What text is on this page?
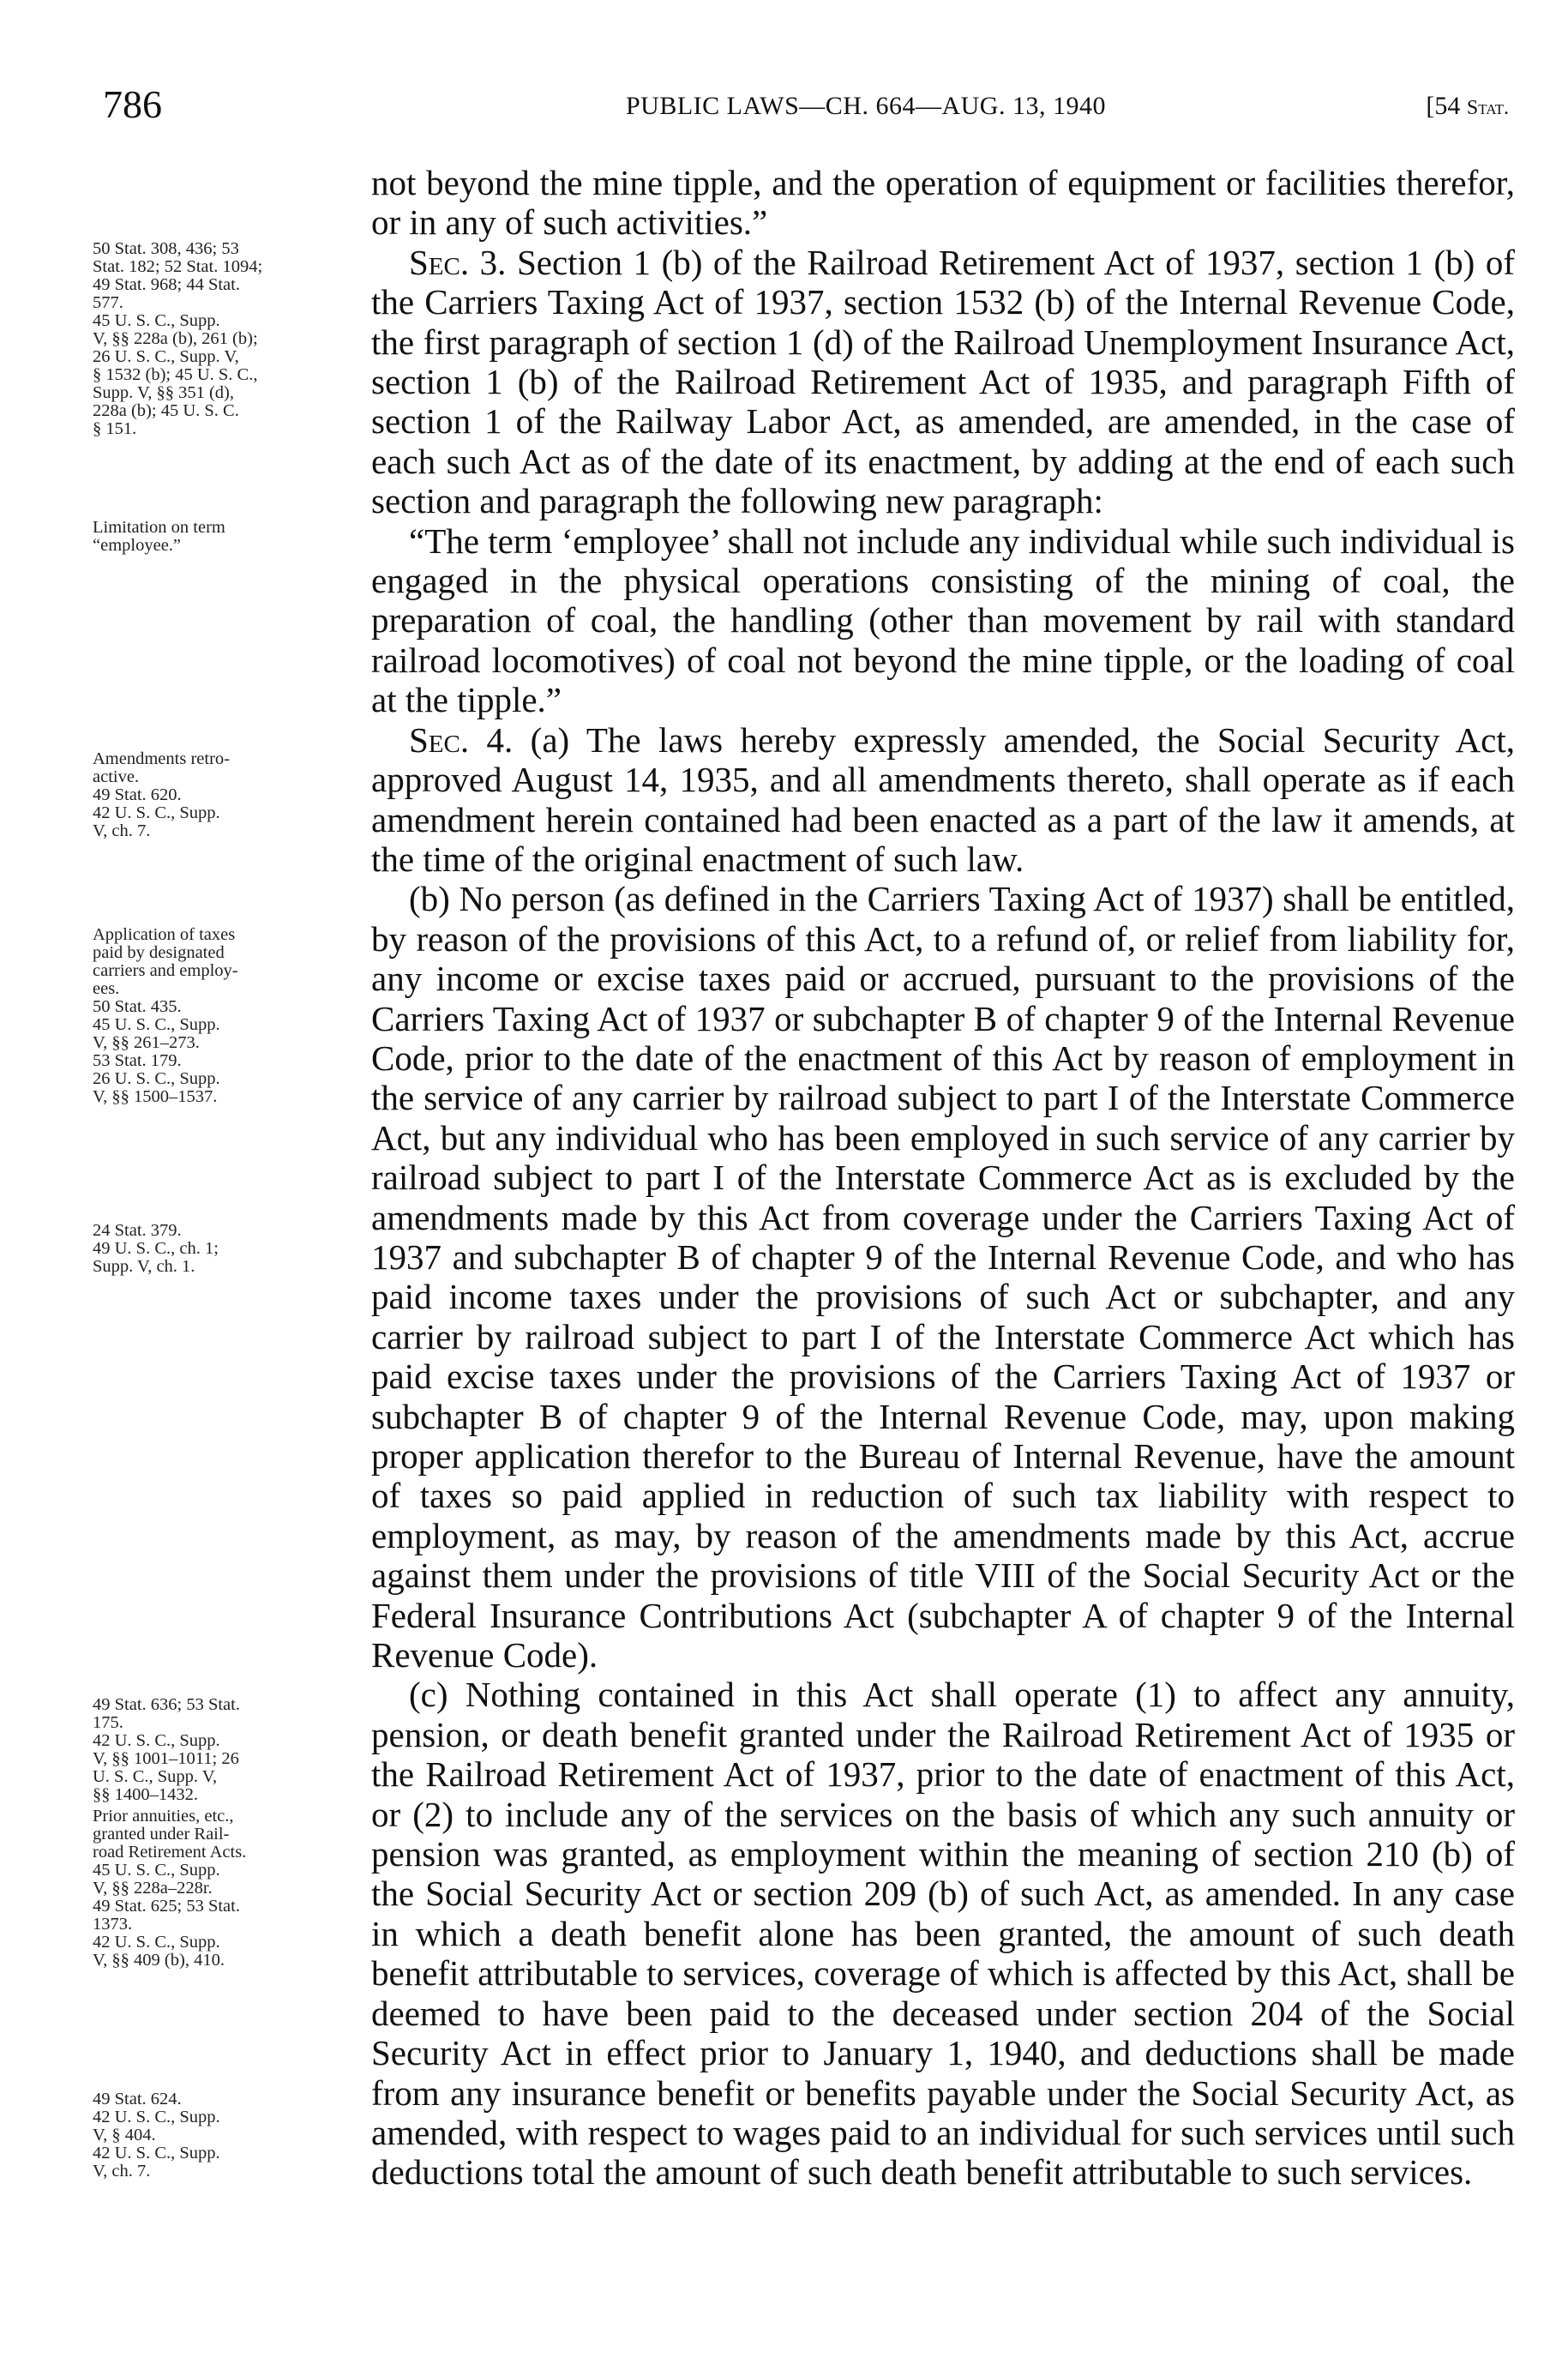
786	PUBLIC LAWS—CH. 664—AUG. 13, 1940	[54 Stat.

not beyond the mine tipple, and the operation of equipment or facilities therefor, or in any of such activities.”

Sec. 3. Section 1 (b) of the Railroad Retirement Act of 1937, section 1 (b) of the Carriers Taxing Act of 1937, section 1532 (b) of the Internal Revenue Code, the first paragraph of section 1 (d) of the Railroad Unemployment Insurance Act, section 1 (b) of the Railroad Retirement Act of 1935, and paragraph Fifth of section 1 of the Railway Labor Act, as amended, are amended, in the case of each such Act as of the date of its enactment, by adding at the end of each such section and paragraph the following new paragraph:

“The term ‘employee’ shall not include any individual while such individual is engaged in the physical operations consisting of the mining of coal, the preparation of coal, the handling (other than movement by rail with standard railroad locomotives) of coal not beyond the mine tipple, or the loading of coal at the tipple.”

Sec. 4. (a) The laws hereby expressly amended, the Social Security Act, approved August 14, 1935, and all amendments thereto, shall operate as if each amendment herein contained had been enacted as a part of the law it amends, at the time of the original enactment of such law.

(b) No person (as defined in the Carriers Taxing Act of 1937) shall be entitled, by reason of the provisions of this Act, to a refund of, or relief from liability for, any income or excise taxes paid or accrued, pursuant to the provisions of the Carriers Taxing Act of 1937 or subchapter B of chapter 9 of the Internal Revenue Code, prior to the date of the enactment of this Act by reason of employment in the service of any carrier by railroad subject to part I of the Interstate Commerce Act, but any individual who has been employed in such service of any carrier by railroad subject to part I of the Interstate Commerce Act as is excluded by the amendments made by this Act from coverage under the Carriers Taxing Act of 1937 and subchapter B of chapter 9 of the Internal Revenue Code, and who has paid income taxes under the provisions of such Act or subchapter, and any carrier by railroad subject to part I of the Interstate Commerce Act which has paid excise taxes under the provisions of the Carriers Taxing Act of 1937 or subchapter B of chapter 9 of the Internal Revenue Code, may, upon making proper application therefor to the Bureau of Internal Revenue, have the amount of taxes so paid applied in reduction of such tax liability with respect to employment, as may, by reason of the amendments made by this Act, accrue against them under the provisions of title VIII of the Social Security Act or the Federal Insurance Contributions Act (subchapter A of chapter 9 of the Internal Revenue Code).

(c) Nothing contained in this Act shall operate (1) to affect any annuity, pension, or death benefit granted under the Railroad Retirement Act of 1935 or the Railroad Retirement Act of 1937, prior to the date of enactment of this Act, or (2) to include any of the services on the basis of which any such annuity or pension was granted, as employment within the meaning of section 210 (b) of the Social Security Act or section 209 (b) of such Act, as amended. In any case in which a death benefit alone has been granted, the amount of such death benefit attributable to services, coverage of which is affected by this Act, shall be deemed to have been paid to the deceased under section 204 of the Social Security Act in effect prior to January 1, 1940, and deductions shall be made from any insurance benefit or benefits payable under the Social Security Act, as amended, with respect to wages paid to an individual for such services until such deductions total the amount of such death benefit attributable to such services.

50 Stat. 308, 436; 53
Stat. 182; 52 Stat. 1094;
49 Stat. 968; 44 Stat.
577.
45 U. S. C., Supp.
V, §§ 228a (b), 261 (b);
26 U. S. C., Supp. V,
§ 1532 (b); 45 U. S. C.,
Supp. V, §§ 351 (d),
228a (b); 45 U. S. C.
§ 151.
Limitation on term
“employee.”
Amendments retro-
active.
49 Stat. 620.
42 U. S. C., Supp.
V, ch. 7.
Application of taxes
paid by designated
carriers and employ-
ees.
50 Stat. 435.
45 U. S. C., Supp.
V, §§ 261–273.
53 Stat. 179.
26 U. S. C., Supp.
V, §§ 1500–1537.
24 Stat. 379.
49 U. S. C., ch. 1;
Supp. V, ch. 1.
49 Stat. 636; 53 Stat.
175.
42 U. S. C., Supp.
V, §§ 1001–1011; 26
U. S. C., Supp. V,
§§ 1400–1432.
Prior annuities, etc.,
granted under Rail-
road Retirement Acts.
45 U. S. C., Supp.
V, §§ 228a–228r.
49 Stat. 625; 53 Stat.
1373.
42 U. S. C., Supp.
V, §§ 409 (b), 410.
49 Stat. 624.
42 U. S. C., Supp.
V, § 404.
42 U. S. C., Supp.
V, ch. 7.
